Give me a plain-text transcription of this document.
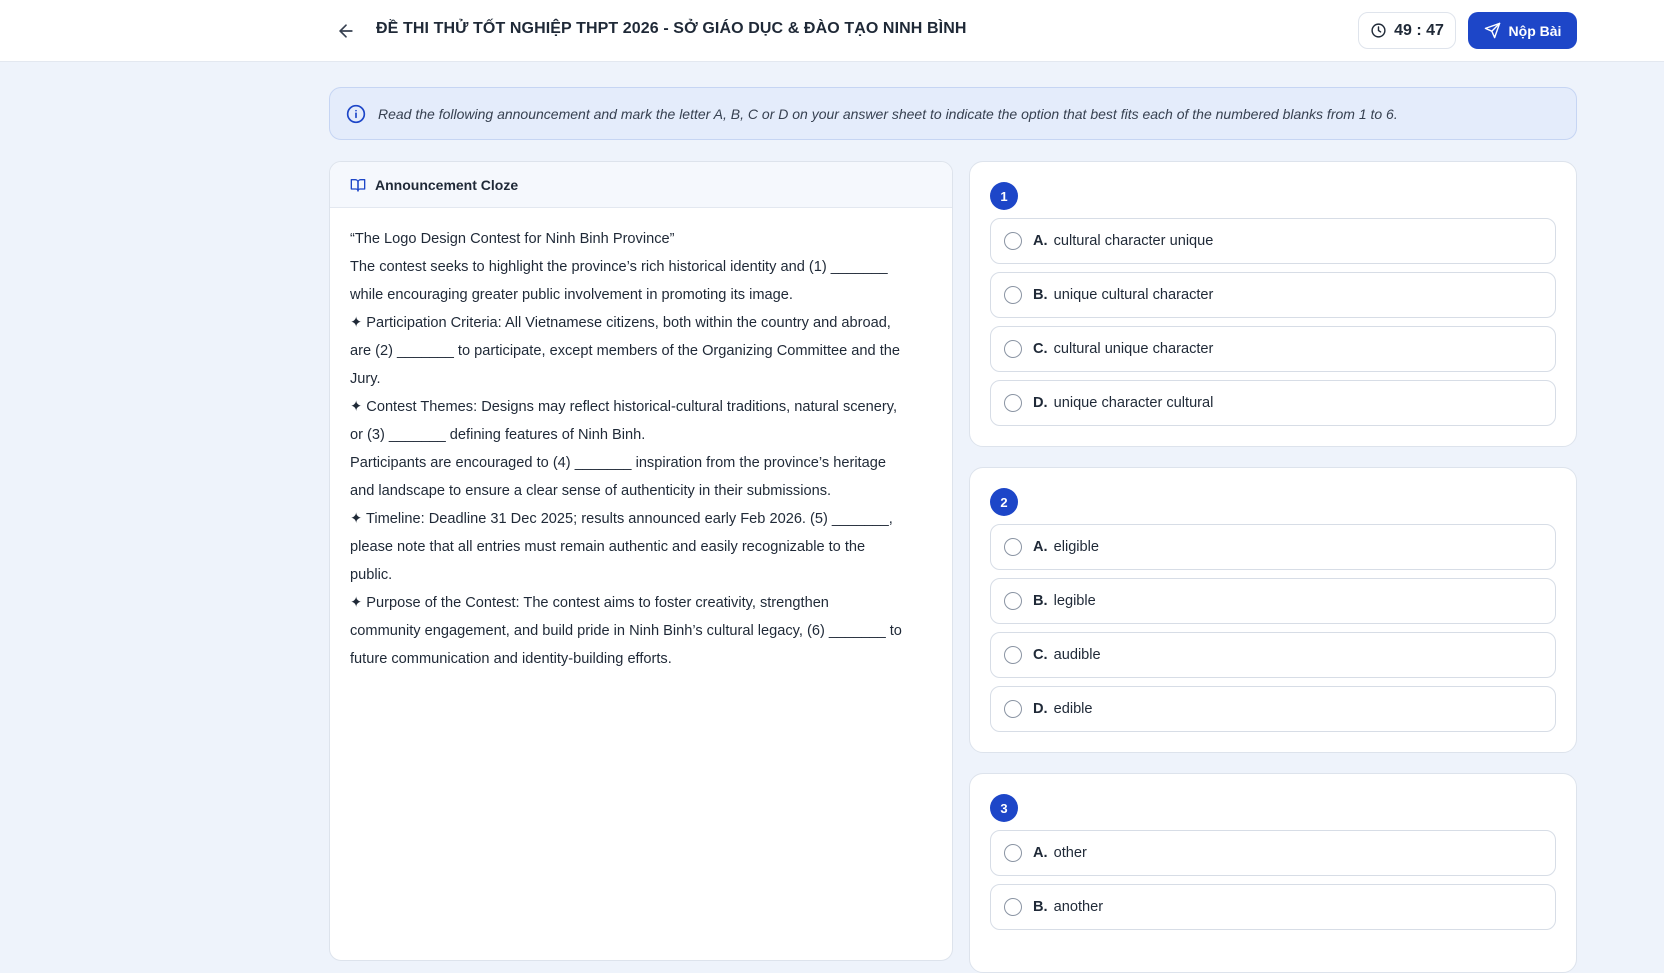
ĐỀ THI THỬ TỐT NGHIỆP THPT 2026 - SỞ GIÁO DỤC & ĐÀO TẠO NINH BÌNH	49 : 47	Nộp Bài
Read the following announcement and mark the letter A, B, C or D on your answer sheet to indicate the option that best fits each of the numbered blanks from 1 to 6.
Announcement Cloze
“The Logo Design Contest for Ninh Binh Province”
The contest seeks to highlight the province’s rich historical identity and (1) _______
while encouraging greater public involvement in promoting its image.
✦ Participation Criteria: All Vietnamese citizens, both within the country and abroad,
are (2) _______ to participate, except members of the Organizing Committee and the
Jury.
✦ Contest Themes: Designs may reflect historical-cultural traditions, natural scenery,
or (3) _______ defining features of Ninh Binh.
Participants are encouraged to (4) _______ inspiration from the province’s heritage
and landscape to ensure a clear sense of authenticity in their submissions.
✦ Timeline: Deadline 31 Dec 2025; results announced early Feb 2026. (5) _______,
please note that all entries must remain authentic and easily recognizable to the
public.
✦ Purpose of the Contest: The contest aims to foster creativity, strengthen
community engagement, and build pride in Ninh Binh’s cultural legacy, (6) _______ to
future communication and identity-building efforts.
1
A. cultural character unique
B. unique cultural character
C. cultural unique character
D. unique character cultural
2
A. eligible
B. legible
C. audible
D. edible
3
A. other
B. another
